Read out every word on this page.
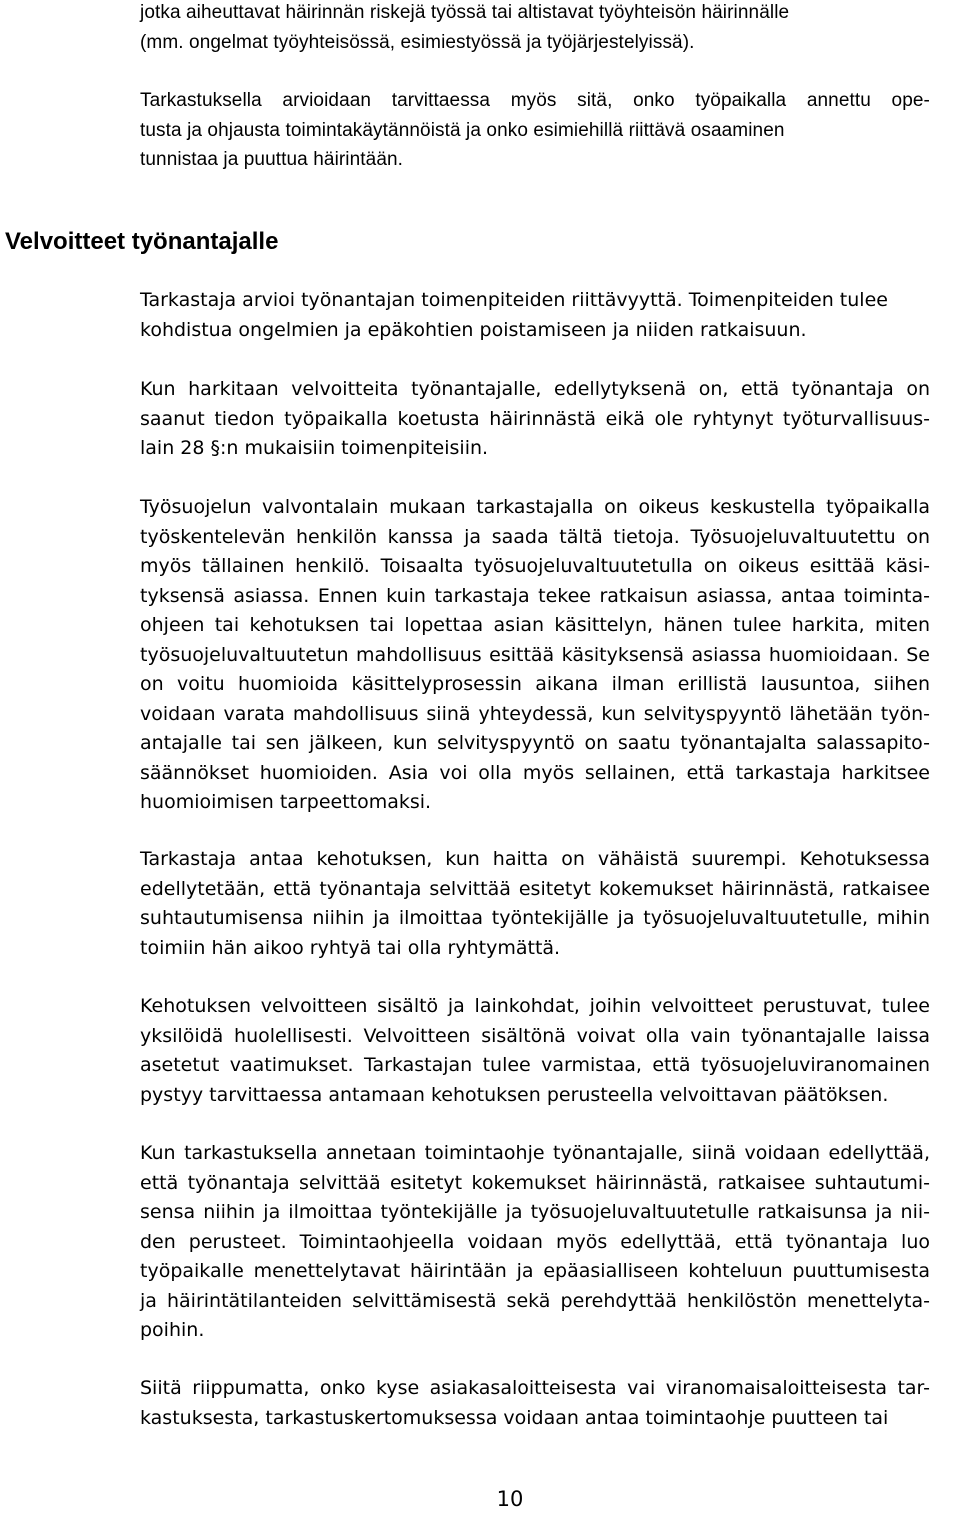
jotka aiheuttavat häirinnän riskejä työssä tai altistavat työyhteisön häirinnälle
(mm. ongelmat työyhteisössä, esimiestyössä ja työjärjestelyissä).
Tarkastuksella arvioidaan tarvittaessa myös sitä, onko työpaikalla annettu ope-
tusta ja ohjausta toimintakäytännöistä ja onko esimiehillä riittävä osaaminen
tunnistaa ja puuttua häirintään.
Velvoitteet työnantajalle
Tarkastaja arvioi työnantajan toimenpiteiden riittävyyttä. Toimenpiteiden tulee
kohdistua ongelmien ja epäkohtien poistamiseen ja niiden ratkaisuun.
Kun harkitaan velvoitteita työnantajalle, edellytyksenä on, että työnantaja on
saanut tiedon työpaikalla koetusta häirinnästä eikä ole ryhtynyt työturvallisuus-
lain 28 §:n mukaisiin toimenpiteisiin.
Työsuojelun valvontalain mukaan tarkastajalla on oikeus keskustella työpaikalla
työskentelevän henkilön kanssa ja saada tältä tietoja. Työsuojeluvaltuutettu on
myös tällainen henkilö. Toisaalta työsuojeluvaltuutetulla on oikeus esittää käsi-
tyksensä asiassa. Ennen kuin tarkastaja tekee ratkaisun asiassa, antaa toiminta-
ohjeen tai kehotuksen tai lopettaa asian käsittelyn, hänen tulee harkita, miten
työsuojeluvaltuutetun mahdollisuus esittää käsityksensä asiassa huomioidaan. Se
on voitu huomioida käsittelyprosessin aikana ilman erillistä lausuntoa, siihen
voidaan varata mahdollisuus siinä yhteydessä, kun selvityspyyntö lähetään työn-
antajalle tai sen jälkeen, kun selvityspyyntö on saatu työnantajalta salassapito-
säännökset huomioiden. Asia voi olla myös sellainen, että tarkastaja harkitsee
huomioimisen tarpeettomaksi.
Tarkastaja antaa kehotuksen, kun haitta on vähäistä suurempi. Kehotuksessa
edellytetään, että työnantaja selvittää esitetyt kokemukset häirinnästä, ratkaisee
suhtautumisensa niihin ja ilmoittaa työntekijälle ja työsuojeluvaltuutetulle, mihin
toimiin hän aikoo ryhtyä tai olla ryhtymättä.
Kehotuksen velvoitteen sisältö ja lainkohdat, joihin velvoitteet perustuvat, tulee
yksilöidä huolellisesti. Velvoitteen sisältönä voivat olla vain työnantajalle laissa
asetetut vaatimukset. Tarkastajan tulee varmistaa, että työsuojeluviranomainen
pystyy tarvittaessa antamaan kehotuksen perusteella velvoittavan päätöksen.
Kun tarkastuksella annetaan toimintaohje työnantajalle, siinä voidaan edellyttää,
että työnantaja selvittää esitetyt kokemukset häirinnästä, ratkaisee suhtautumi-
sensa niihin ja ilmoittaa työntekijälle ja työsuojeluvaltuutetulle ratkaisunsa ja nii-
den perusteet. Toimintaohjeella voidaan myös edellyttää, että työnantaja luo
työpaikalle menettelytavat häirintään ja epäasialliseen kohteluun puuttumisesta
ja häirintätilanteiden selvittämisestä sekä perehdyttää henkilöstön menettelyta-
poihin.
Siitä riippumatta, onko kyse asiakasaloitteisesta vai viranomaisaloitteisesta tar-
kastuksesta, tarkastuskertomuksessa voidaan antaa toimintaohje puutteen tai
10
